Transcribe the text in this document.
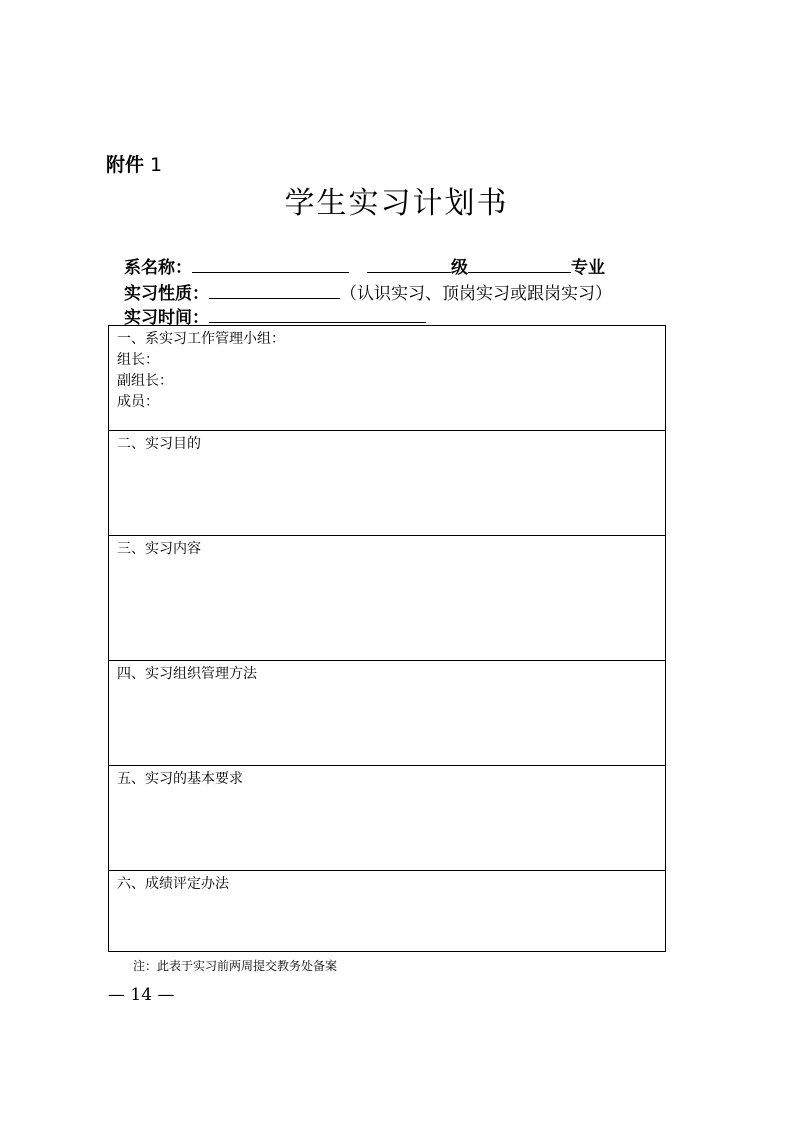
附件 1
学生实习计划书
系名称：	级	专业
实习性质：	（认识实习、顶岗实习或跟岗实习）
实习时间：
一、系实习工作管理小组：
组长：
副组长：
成员：
二、实习目的
三、实习内容
四、实习组织管理方法
五、实习的基本要求
六、成绩评定办法
注：此表于实习前两周提交教务处备案
— 14 —
